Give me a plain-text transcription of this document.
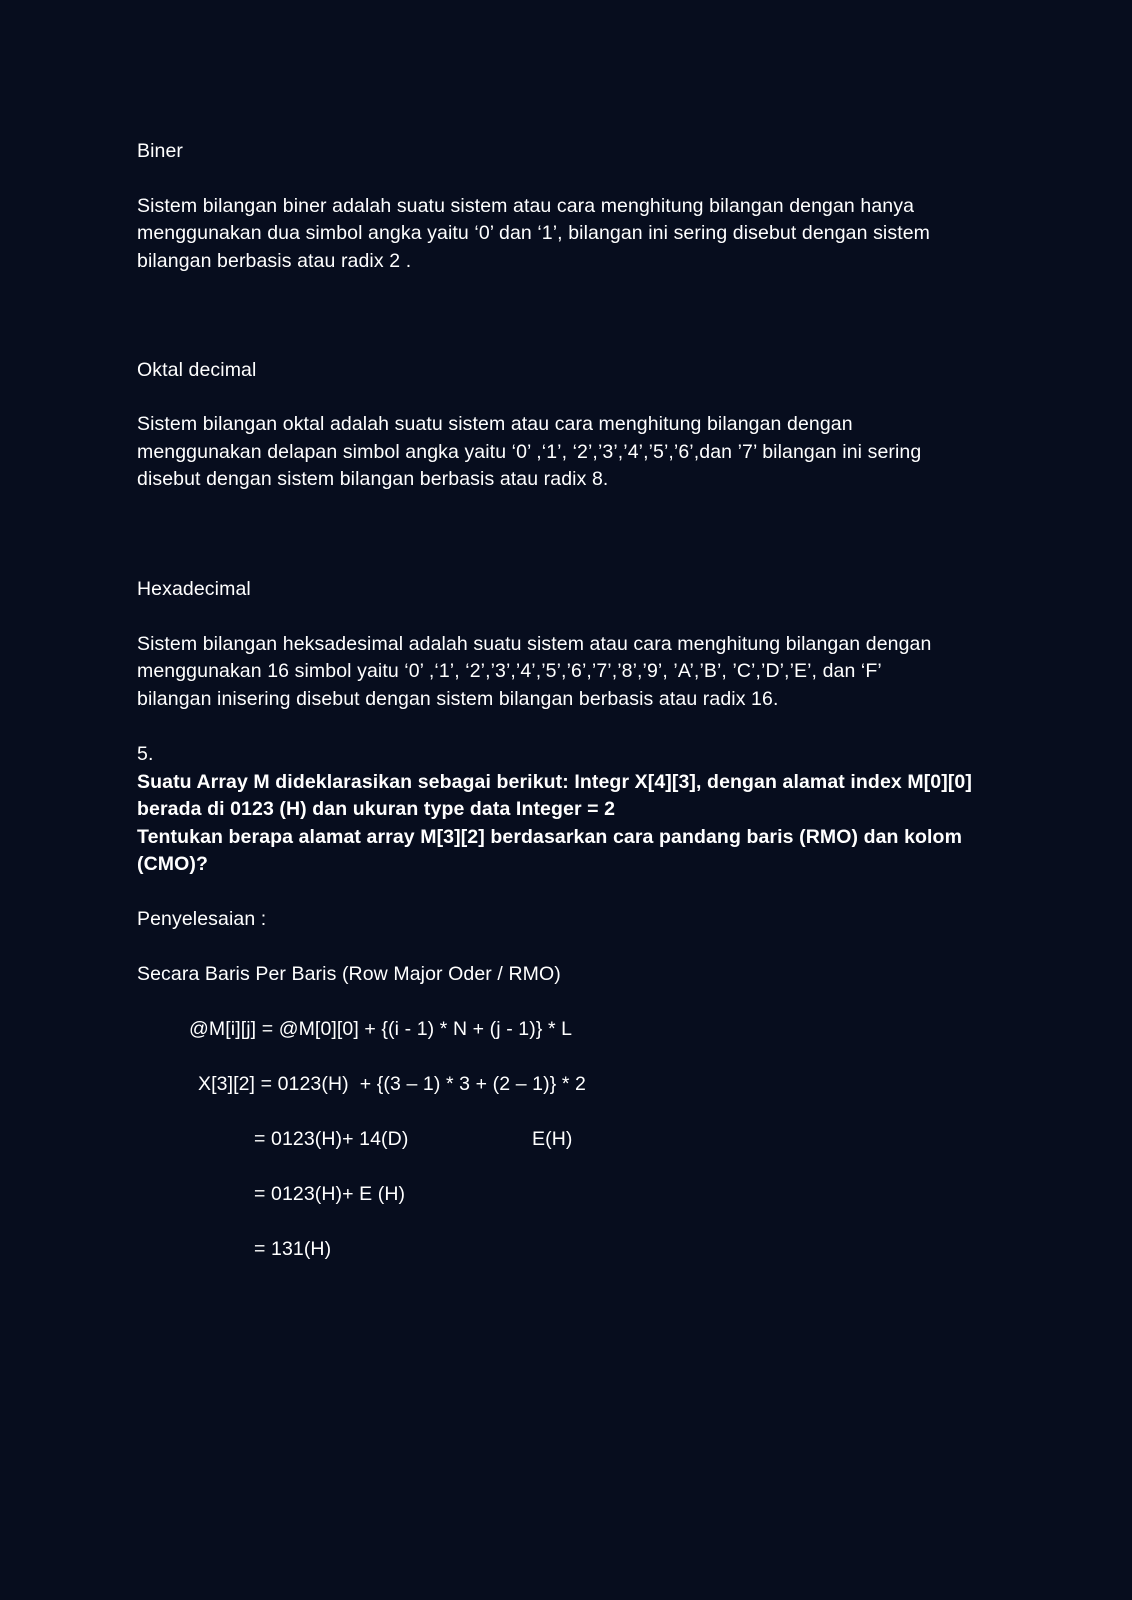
Biner
Sistem bilangan biner adalah suatu sistem atau cara menghitung bilangan dengan hanya
menggunakan dua simbol angka yaitu ‘0’ dan ‘1’, bilangan ini sering disebut dengan sistem
bilangan berbasis atau radix 2 .
Oktal decimal
Sistem bilangan oktal adalah suatu sistem atau cara menghitung bilangan dengan
menggunakan delapan simbol angka yaitu ‘0’ ,‘1’, ‘2’,’3’,’4’,’5’,’6’,dan ’7’ bilangan ini sering
disebut dengan sistem bilangan berbasis atau radix 8.
Hexadecimal
Sistem bilangan heksadesimal adalah suatu sistem atau cara menghitung bilangan dengan
menggunakan 16 simbol yaitu ‘0’ ,‘1’, ‘2’,’3’,’4’,’5’,’6’,’7’,’8’,’9’, ’A’,’B’, ’C’,’D’,’E’, dan ‘F’
bilangan inisering disebut dengan sistem bilangan berbasis atau radix 16.
5.
Suatu Array M dideklarasikan sebagai berikut: Integr X[4][3], dengan alamat index M[0][0]
berada di 0123 (H) dan ukuran type data Integer = 2
Tentukan berapa alamat array M[3][2] berdasarkan cara pandang baris (RMO) dan kolom
(CMO)?
Penyelesaian :
Secara Baris Per Baris (Row Major Oder / RMO)
@M[i][j] = @M[0][0] + {(i - 1) * N + (j - 1)} * L
X[3][2] = 0123(H)  + {(3 – 1) * 3 + (2 – 1)} * 2
= 0123(H)+ 14(D)	E(H)
= 0123(H)+ E (H)
= 131(H)
